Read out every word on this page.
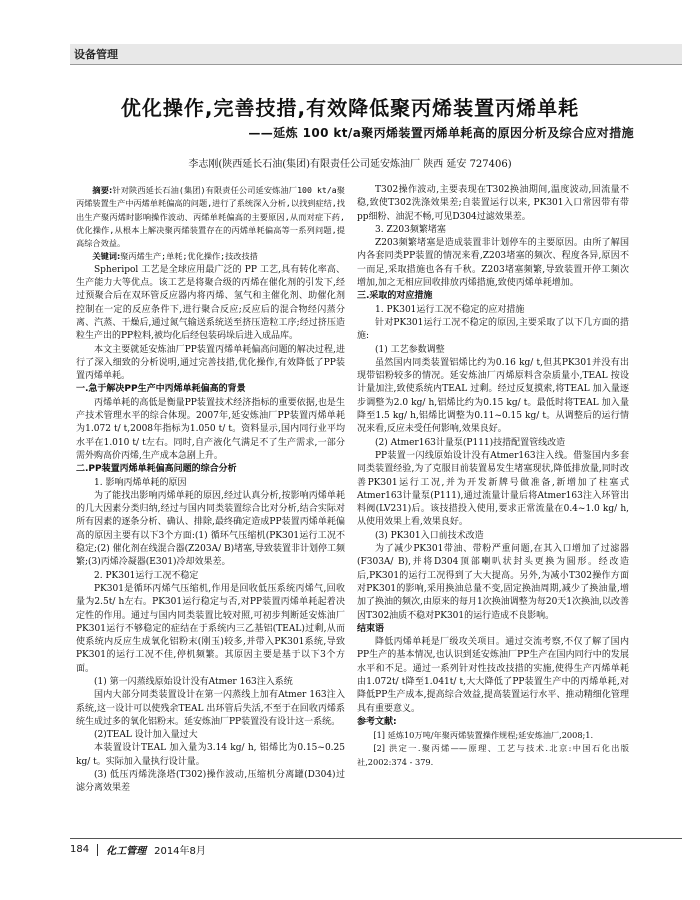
设备管理
优化操作,完善技措,有效降低聚丙烯装置丙烯单耗
——延炼 100 kt/a聚丙烯装置丙烯单耗高的原因分析及综合应对措施
李志刚(陕西延长石油(集团)有限责任公司延安炼油厂 陕西 延安 727406)

摘要:针对陕西延长石油(集团)有限责任公司延安炼油厂100 kt/a聚丙烯装置生产中丙烯单耗偏高的问题,进行了系统深入分析,以找到症结,找出生产聚丙烯时影响操作波动、丙烯单耗偏高的主要原因,从而对症下药,优化操作,从根本上解决聚丙烯装置存在的丙烯单耗偏高等一系列问题,提高综合效益。

关键词:聚丙烯生产;单耗;优化操作;技改技措

Spheripol 工艺是全球应用最广泛的 PP 工艺,具有转化率高、生产能力大等优点。该工艺是将聚合级的丙烯在催化剂的引发下,经过预聚合后在双环管反应器内将丙烯、氢气和主催化剂、助催化剂控制在一定的反应条件下,进行聚合反应;反应后的混合物经闪蒸分离、汽蒸、干燥后,通过氮气输送系统送至挤压造粒工序;经过挤压造粒生产出的PP粒料,被均化后经包装码垛后进入成品库。

本文主要就延安炼油厂PP装置丙烯单耗偏高问题的解决过程,进行了深入细致的分析说明,通过完善技措,优化操作,有效降低了PP装置丙烯单耗。

一.急于解决PP生产中丙烯单耗偏高的背景

丙烯单耗的高低是衡量PP装置技术经济指标的重要依据,也是生产技术管理水平的综合体现。2007年,延安炼油厂PP装置丙烯单耗为1.072 t/ t,2008年指标为1.050 t/ t。资料显示,国内同行业平均水平在1.010 t/ t左右。同时,自产液化气满足不了生产需求,一部分需外购高价丙烯,生产成本急剧上升。

二.PP装置丙烯单耗偏高问题的综合分析

1. 影响丙烯单耗的原因

为了能找出影响丙烯单耗的原因,经过认真分析,按影响丙烯单耗的几大因素分类归纳,经过与国内同类装置综合比对分析,结合实际对所有因素的逐条分析、确认、排除,最终确定造成PP装置丙烯单耗偏高的原因主要有以下3个方面:(1) 循环气压缩机(PK301运行工况不稳定;(2) 催化剂在线混合器(Z203A/ B)堵塞,导致装置非计划停工频繁;(3)丙烯冷凝器(E301)冷却效果差。

2. PK301运行工况不稳定

PK301是循环丙烯气压缩机,作用是回收低压系统丙烯气,回收量为2.5t/ h左右。PK301运行稳定与否,对PP装置丙烯单耗起着决定性的作用。通过与国内同类装置比较对照,可初步判断延安炼油厂PK301运行不够稳定的症结在于系统内三乙基铝(TEAL)过剩,从而使系统内反应生成氧化铝粉末(刚玉)较多,并带入PK301系统,导致PK301的运行工况不佳,停机频繁。其原因主要是基于以下3个方面。

(1) 第一闪蒸线原始设计没有Atmer 163注入系统

国内大部分同类装置设计在第一闪蒸线上加有Atmer 163注入系统,这一设计可以使残余TEAL 出环管后失活,不至于在回收丙烯系统生成过多的氧化铝粉末。延安炼油厂PP装置没有设计这一系统。

(2)TEAL 设计加入量过大

本装置设计TEAL 加入量为3.14 kg/ h, 铝烯比为0.15~0.25 kg/ t。实际加入量执行设计量。

(3) 低压丙烯洗涤塔(T302)操作波动,压缩机分离罐(D304)过滤分离效果差

T302操作波动,主要表现在T302换油期间,温度波动,回流量不稳,致使T302洗涤效果差;自装置运行以来, PK301入口常因带有带pp细粉、油泥不畅,可见D304过滤效果差。

3. Z203频繁堵塞

Z203频繁堵塞是造成装置非计划停车的主要原因。由所了解国内各套同类PP装置的情况来看,Z203堵塞的频次、程度各异,原因不一而足,采取措施也各有千秋。Z203堵塞频繁,导致装置开停工频次增加,加之无相应回收排放丙烯措施,致使丙烯单耗增加。

三.采取的对应措施

1. PK301运行工况不稳定的应对措施

针对PK301运行工况不稳定的原因,主要采取了以下几方面的措施:

(1) 工艺参数调整

虽然国内同类装置铝烯比约为0.16 kg/ t,但其PK301并没有出现带铝粉较多的情况。延安炼油厂丙烯原料含杂质量小,TEAL 按设计量加注,致使系统内TEAL 过剩。经过反复摸索,将TEAL 加入量逐步调整为2.0 kg/ h,铝烯比约为0.15 kg/ t。最低时将TEAL 加入量降至1.5 kg/ h,铝烯比调整为0.11~0.15 kg/ t。从调整后的运行情况来看,反应未受任何影响,效果良好。

(2) Atmer163计量泵(P111)技措配置管线改造

PP装置一闪线原始设计没有Atmer163注入线。借鉴国内多套同类装置经验,为了克服目前装置易发生堵塞现状,降低排放量,同时改善PK301运行工况,并为开发新牌号做准备,新增加了柱塞式Atmer163计量泵(P111),通过流量计量后将Atmer163注入环管出料阀(LV231)后。该技措投入使用,要求正常流量在0.4~1.0 kg/ h,从使用效果上看,效果良好。

(3) PK301入口前技术改造

为了减少PK301带油、带粉严重问题,在其入口增加了过滤器(F303A/ B),并将D304顶部喇叭状封头更换为圆形。经改造后,PK301的运行工况得到了大大提高。另外,为减小T302操作方面对PK301的影响,采用换油总量不变,固定换油周期,减少了换油量,增加了换油的频次,由原来的每月1次换油调整为每20天1次换油,以改善因T302油质不稳对PK301的运行造成不良影响。

结束语

降低丙烯单耗是厂级攻关项目。通过交流考察,不仅了解了国内PP生产的基本情况,也认识到延安炼油厂PP生产在国内同行中的发展水平和不足。通过一系列针对性技改技措的实施,使得生产丙烯单耗由1.072t/ t降至1.041t/ t,大大降低了PP装置生产中的丙烯单耗,对降低PP生产成本,提高综合效益,提高装置运行水平、推动精细化管理具有重要意义。

参考文献:

[1] 延炼10万吨/年聚丙烯装置操作规程;延安炼油厂,2008;1.

[2] 洪定一.聚丙烯——原理、工艺与技术.北京:中国石化出版社,2002:374 - 379.

184 化工管理 2014年8月
